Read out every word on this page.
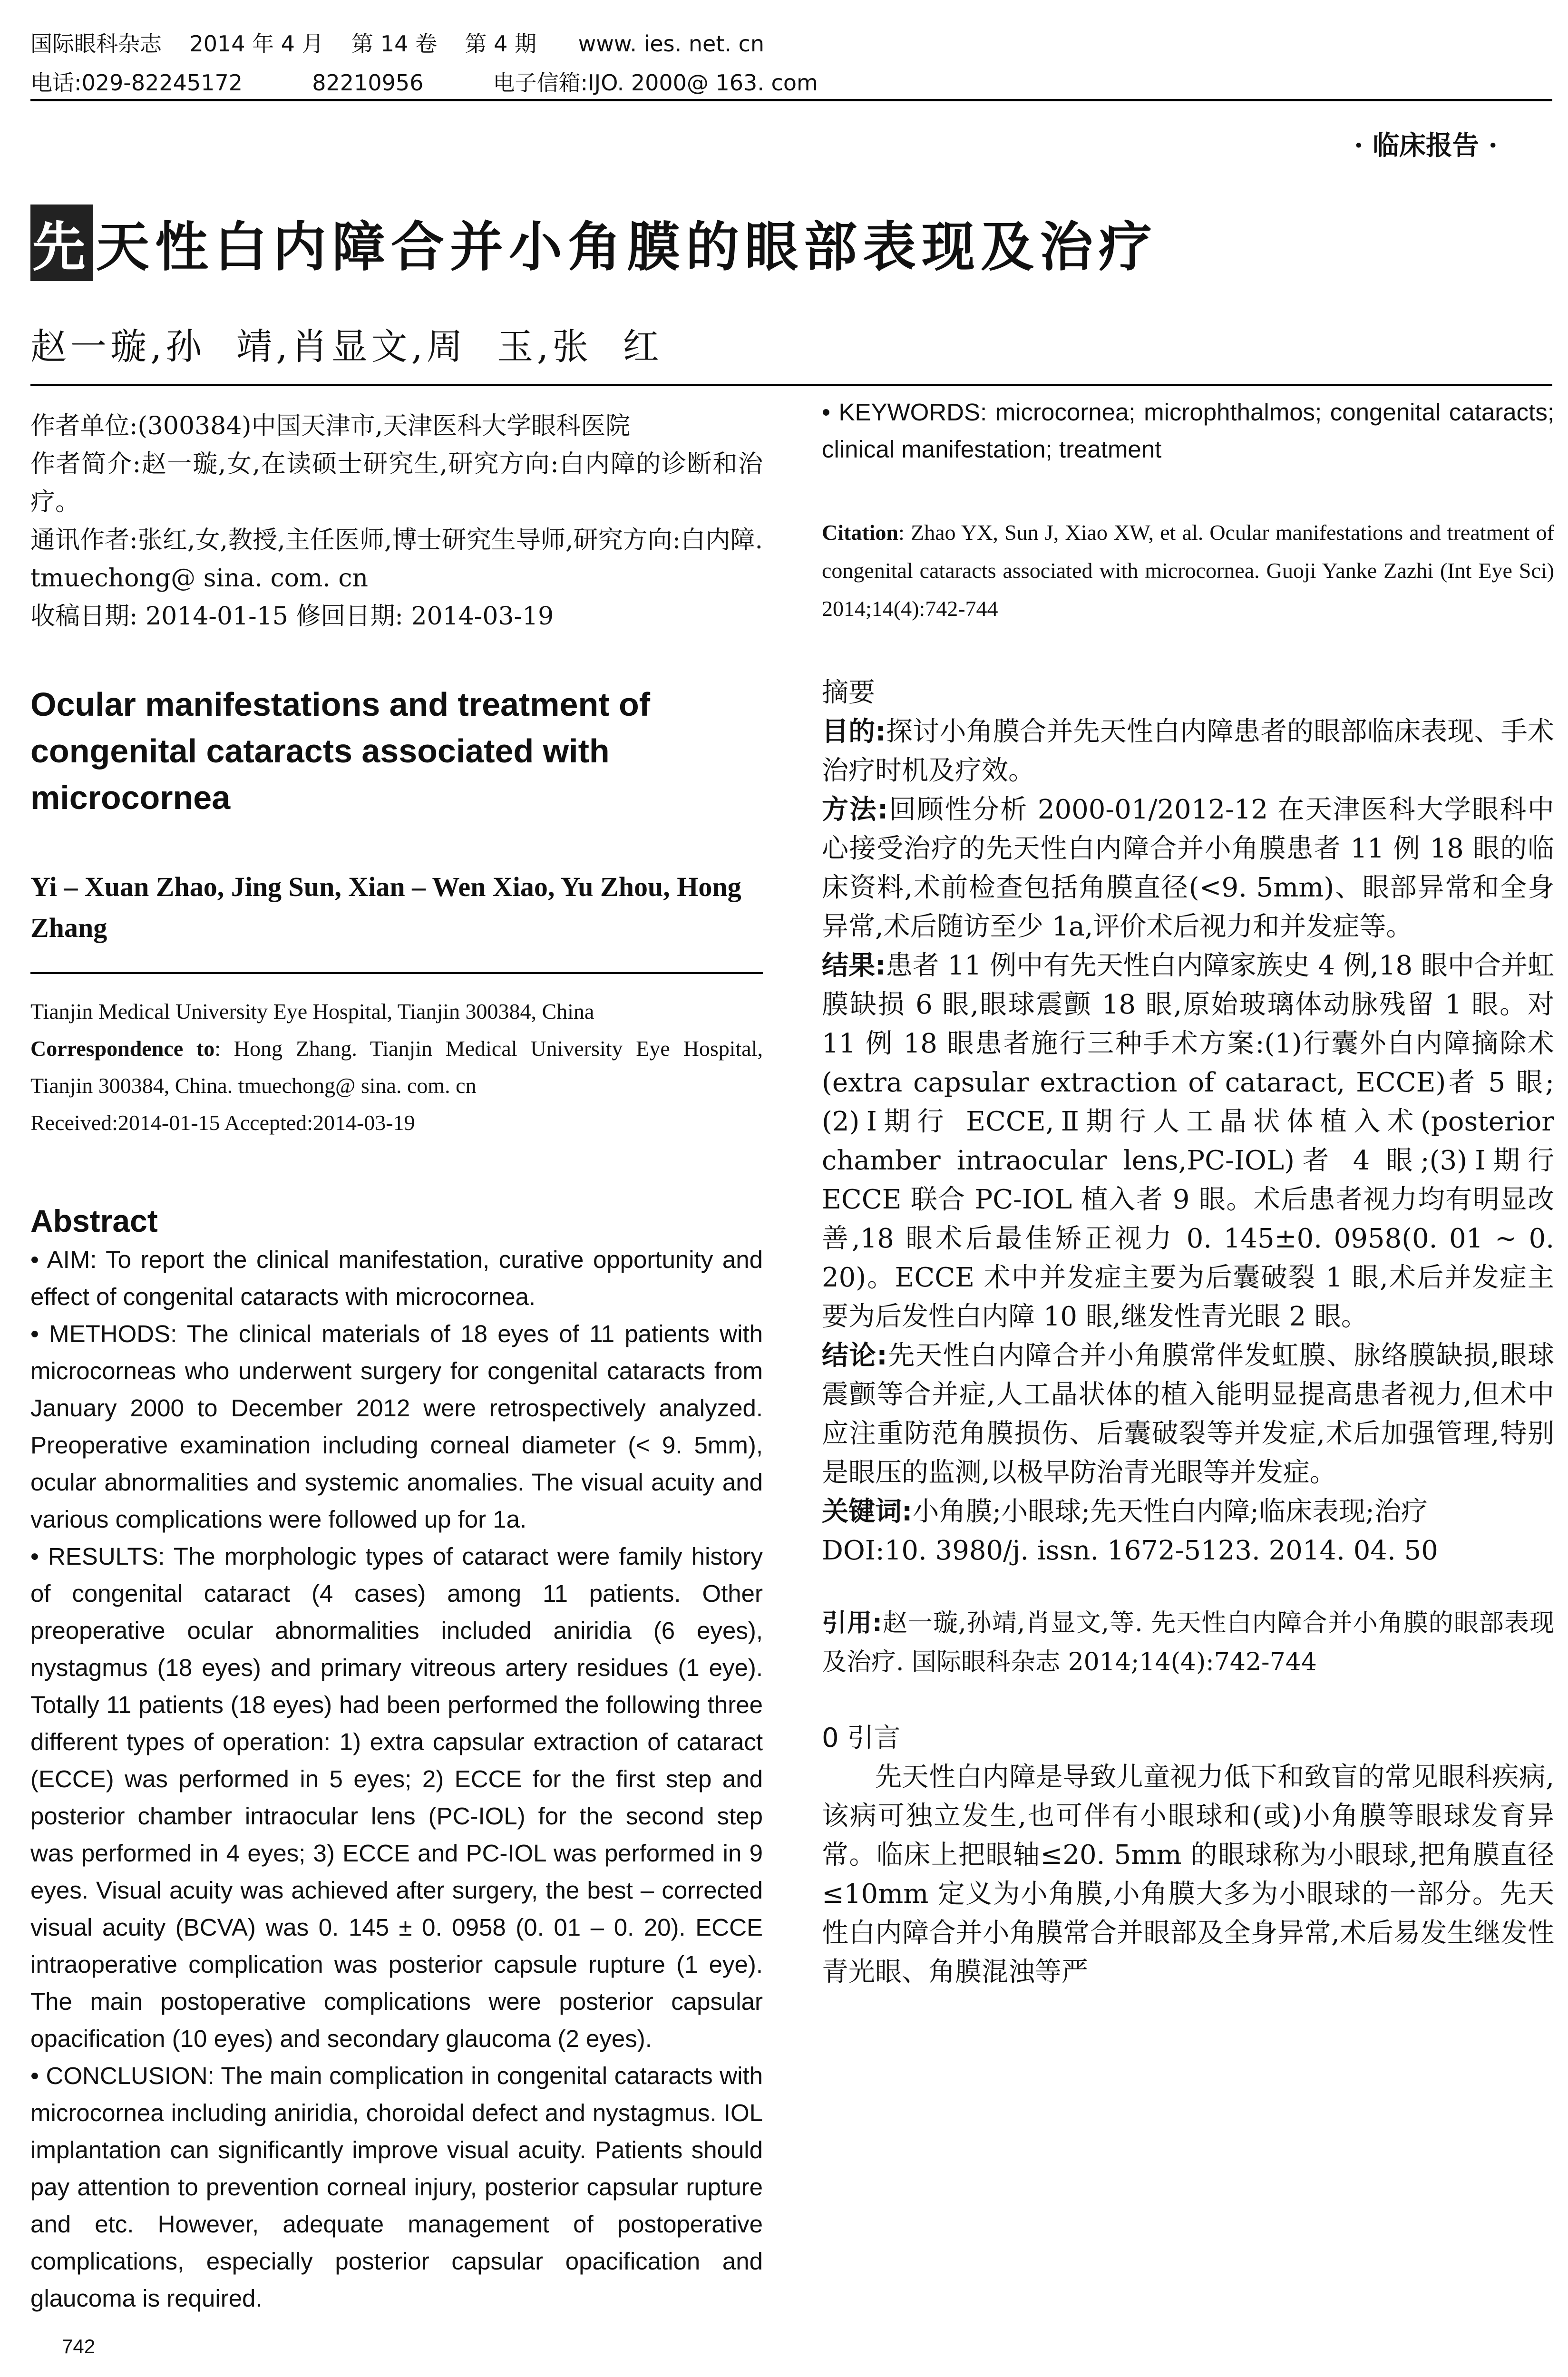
国际眼科杂志    2014 年 4 月    第 14 卷    第 4 期      www. ies. net. cn
电话:029-82245172          82210956          电子信箱:IJO. 2000@ 163. com
· 临床报告 ·
先天性白内障合并小角膜的眼部表现及治疗
赵一璇,孙  靖,肖显文,周  玉,张  红

作者单位:(300384)中国天津市,天津医科大学眼科医院

作者简介:赵一璇,女,在读硕士研究生,研究方向:白内障的诊断和治疗。

通讯作者:张红,女,教授,主任医师,博士研究生导师,研究方向:白内障. tmuechong@ sina. com. cn

收稿日期: 2014-01-15 修回日期: 2014-03-19

Ocular manifestations and treatment of congenital cataracts associated with microcornea
Yi – Xuan Zhao, Jing Sun, Xian – Wen Xiao, Yu Zhou, Hong Zhang

Tianjin Medical University Eye Hospital, Tianjin 300384, China

Correspondence to: Hong Zhang. Tianjin Medical University Eye Hospital, Tianjin 300384, China. tmuechong@ sina. com. cn

Received:2014-01-15 Accepted:2014-03-19

Abstract

• AIM: To report the clinical manifestation, curative opportunity and effect of congenital cataracts with microcornea.

• METHODS: The clinical materials of 18 eyes of 11 patients with microcorneas who underwent surgery for congenital cataracts from January 2000 to December 2012 were retrospectively analyzed. Preoperative examination including corneal diameter (< 9. 5mm), ocular abnormalities and systemic anomalies. The visual acuity and various complications were followed up for 1a.

• RESULTS: The morphologic types of cataract were family history of congenital cataract (4 cases) among 11 patients. Other preoperative ocular abnormalities included aniridia (6 eyes), nystagmus (18 eyes) and primary vitreous artery residues (1 eye). Totally 11 patients (18 eyes) had been performed the following three different types of operation: 1) extra capsular extraction of cataract (ECCE) was performed in 5 eyes; 2) ECCE for the first step and posterior chamber intraocular lens (PC-IOL) for the second step was performed in 4 eyes; 3) ECCE and PC-IOL was performed in 9 eyes. Visual acuity was achieved after surgery, the best – corrected visual acuity (BCVA) was 0. 145 ± 0. 0958 (0. 01 – 0. 20). ECCE intraoperative complication was posterior capsule rupture (1 eye). The main postoperative complications were posterior capsular opacification (10 eyes) and secondary glaucoma (2 eyes).

• CONCLUSION: The main complication in congenital cataracts with microcornea including aniridia, choroidal defect and nystagmus. IOL implantation can significantly improve visual acuity. Patients should pay attention to prevention corneal injury, posterior capsular rupture and etc. However, adequate management of postoperative complications, especially posterior capsular opacification and glaucoma is required.

• KEYWORDS: microcornea; microphthalmos; congenital cataracts; clinical manifestation; treatment

Citation: Zhao YX, Sun J, Xiao XW, et al. Ocular manifestations and treatment of congenital cataracts associated with microcornea. Guoji Yanke Zazhi (Int Eye Sci) 2014;14(4):742-744
摘要

目的:探讨小角膜合并先天性白内障患者的眼部临床表现、手术治疗时机及疗效。

方法:回顾性分析 2000-01/2012-12 在天津医科大学眼科中心接受治疗的先天性白内障合并小角膜患者 11 例 18 眼的临床资料,术前检查包括角膜直径(<9. 5mm)、眼部异常和全身异常,术后随访至少 1a,评价术后视力和并发症等。

结果:患者 11 例中有先天性白内障家族史 4 例,18 眼中合并虹膜缺损 6 眼,眼球震颤 18 眼,原始玻璃体动脉残留 1 眼。对 11 例 18 眼患者施行三种手术方案:(1)行囊外白内障摘除术(extra capsular extraction of cataract, ECCE)者 5 眼;(2)Ⅰ期行 ECCE,Ⅱ期行人工晶状体植入术(posterior chamber intraocular lens,PC-IOL)者 4 眼;(3)Ⅰ期行 ECCE 联合 PC-IOL 植入者 9 眼。术后患者视力均有明显改善,18 眼术后最佳矫正视力 0. 145±0. 0958(0. 01 ~ 0. 20)。ECCE 术中并发症主要为后囊破裂 1 眼,术后并发症主要为后发性白内障 10 眼,继发性青光眼 2 眼。

结论:先天性白内障合并小角膜常伴发虹膜、脉络膜缺损,眼球震颤等合并症,人工晶状体的植入能明显提高患者视力,但术中应注重防范角膜损伤、后囊破裂等并发症,术后加强管理,特别是眼压的监测,以极早防治青光眼等并发症。

关键词:小角膜;小眼球;先天性白内障;临床表现;治疗

DOI:10. 3980/j. issn. 1672-5123. 2014. 04. 50

引用:赵一璇,孙靖,肖显文,等. 先天性白内障合并小角膜的眼部表现及治疗. 国际眼科杂志 2014;14(4):742-744
0 引言

先天性白内障是导致儿童视力低下和致盲的常见眼科疾病,该病可独立发生,也可伴有小眼球和(或)小角膜等眼球发育异常。临床上把眼轴≤20. 5mm 的眼球称为小眼球,把角膜直径≤10mm 定义为小角膜,小角膜大多为小眼球的一部分。先天性白内障合并小角膜常合并眼部及全身异常,术后易发生继发性青光眼、角膜混浊等严

742
